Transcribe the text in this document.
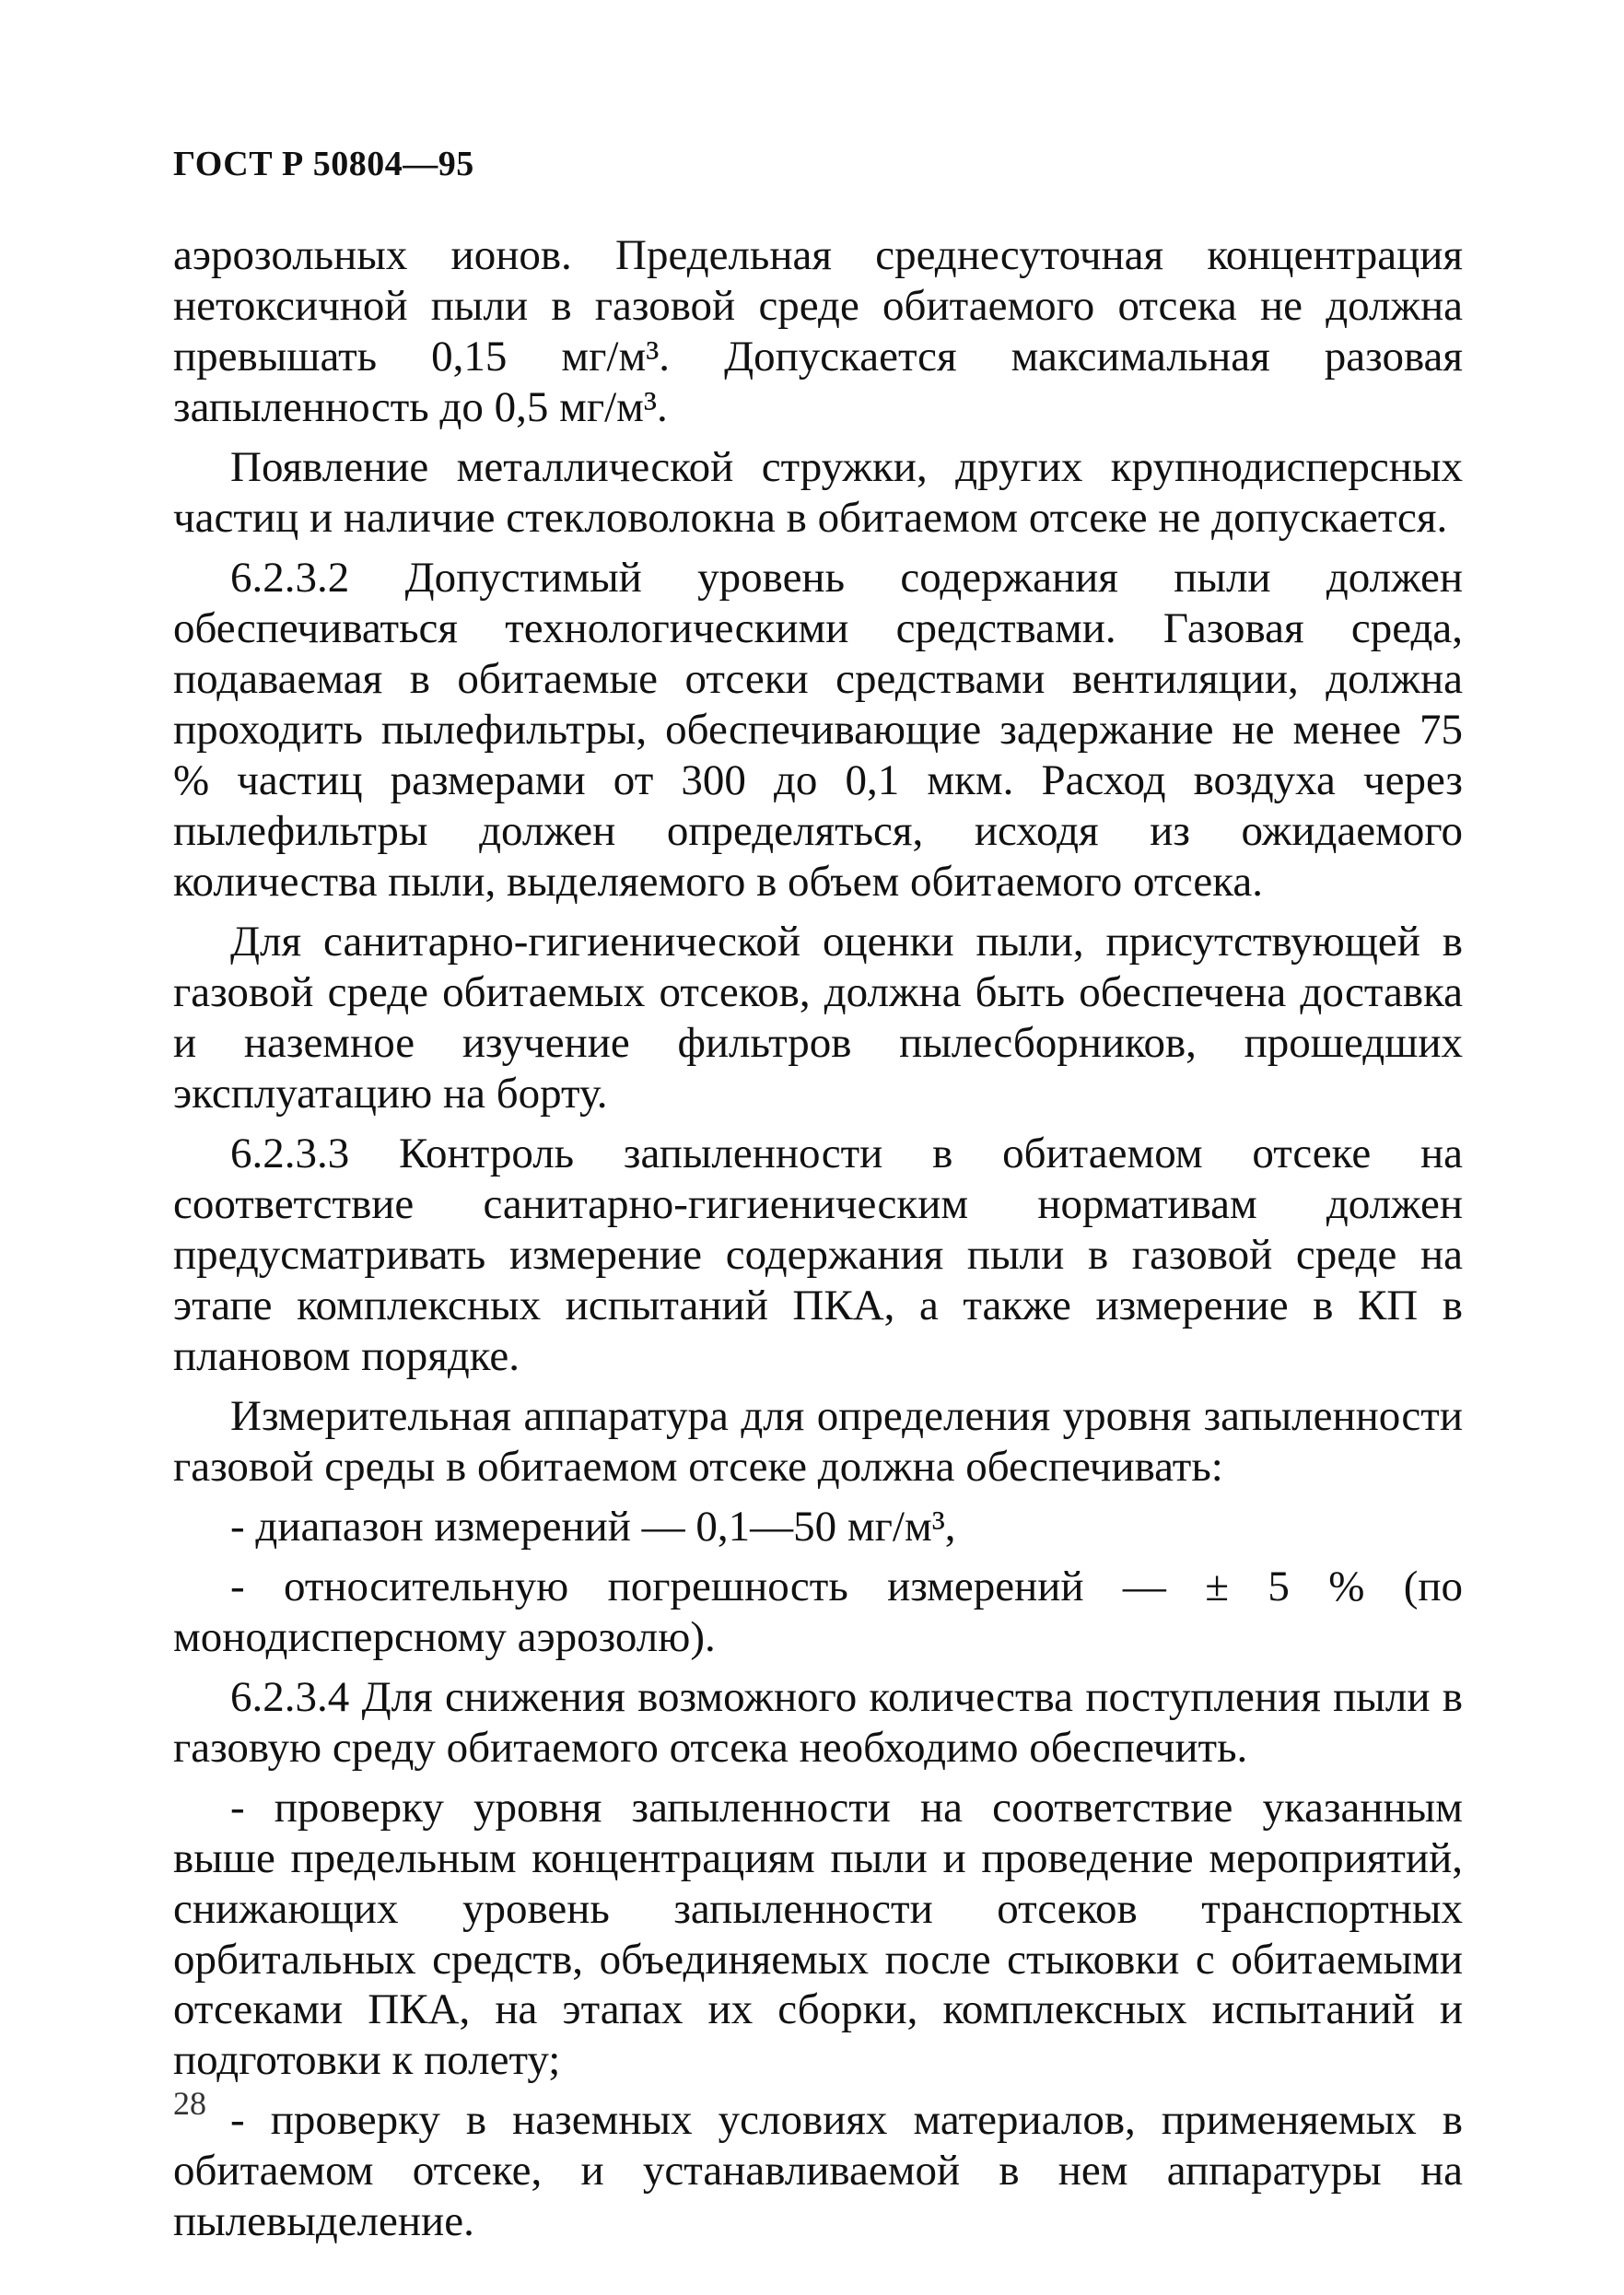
ГОСТ Р 50804—95

аэрозольных ионов. Предельная среднесуточная концентрация нетоксичной пыли в газовой среде обитаемого отсека не должна превышать 0,15 мг/м³. Допускается максимальная разовая запыленность до 0,5 мг/м³.

Появление металлической стружки, других крупнодисперсных частиц и наличие стекловолокна в обитаемом отсеке не допускается.

6.2.3.2 Допустимый уровень содержания пыли должен обеспечиваться технологическими средствами. Газовая среда, подаваемая в обитаемые отсеки средствами вентиляции, должна проходить пылефильтры, обеспечивающие задержание не менее 75 % частиц размерами от 300 до 0,1 мкм. Расход воздуха через пылефильтры должен определяться, исходя из ожидаемого количества пыли, выделяемого в объем обитаемого отсека.

Для санитарно-гигиенической оценки пыли, присутствующей в газовой среде обитаемых отсеков, должна быть обеспечена доставка и наземное изучение фильтров пылесборников, прошедших эксплуатацию на борту.

6.2.3.3 Контроль запыленности в обитаемом отсеке на соответствие санитарно-гигиеническим нормативам должен предусматривать измерение содержания пыли в газовой среде на этапе комплексных испытаний ПКА, а также измерение в КП в плановом порядке.

Измерительная аппаратура для определения уровня запыленности газовой среды в обитаемом отсеке должна обеспечивать:

- диапазон измерений — 0,1—50 мг/м³,

- относительную погрешность измерений — ± 5 % (по монодисперсному аэрозолю).

6.2.3.4 Для снижения возможного количества поступления пыли в газовую среду обитаемого отсека необходимо обеспечить.

- проверку уровня запыленности на соответствие указанным выше предельным концентрациям пыли и проведение мероприятий, снижающих уровень запыленности отсеков транспортных орбитальных средств, объединяемых после стыковки с обитаемыми отсеками ПКА, на этапах их сборки, комплексных испытаний и подготовки к полету;

- проверку в наземных условиях материалов, применяемых в обитаемом отсеке, и устанавливаемой в нем аппаратуры на пылевыделение.

28
